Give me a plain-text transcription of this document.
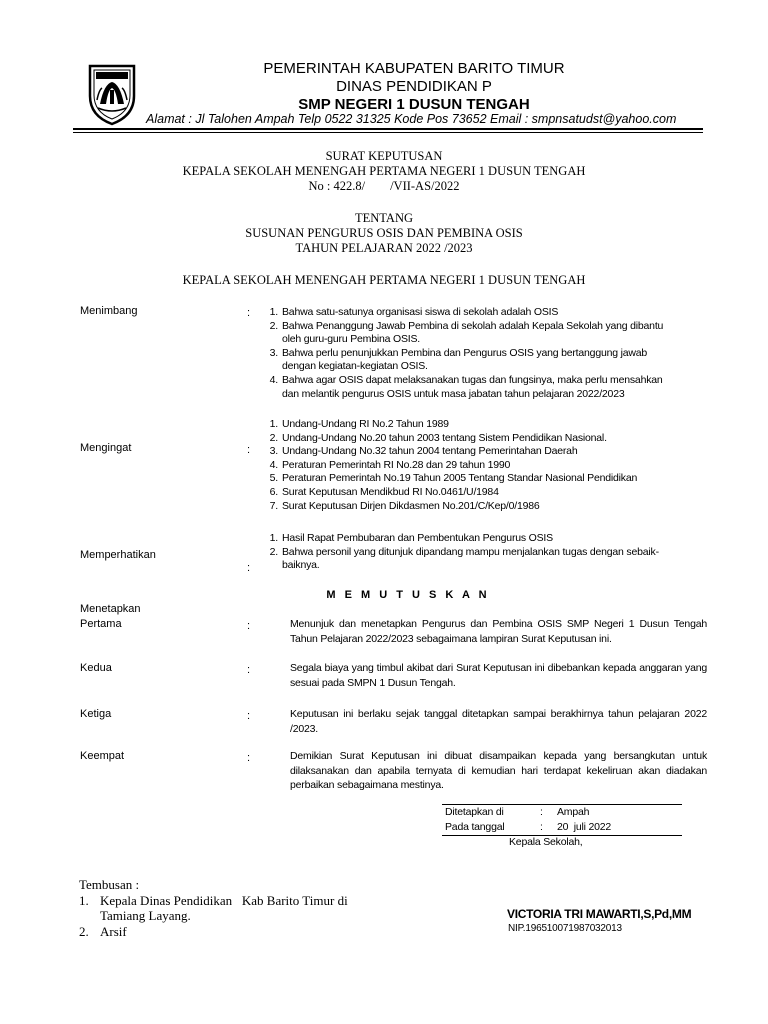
PEMERINTAH KABUPATEN BARITO TIMUR
DINAS PENDIDIKAN P
SMP NEGERI 1 DUSUN TENGAH
Alamat : Jl Talohen Ampah Telp 0522 31325 Kode Pos 73652 Email : smpnsatudst@yahoo.com
SURAT KEPUTUSAN
KEPALA SEKOLAH MENENGAH PERTAMA NEGERI 1 DUSUN TENGAH
No : 422.8/        /VII-AS/2022
TENTANG
SUSUNAN PENGURUS OSIS DAN PEMBINA OSIS
TAHUN PELAJARAN 2022 /2023
KEPALA SEKOLAH MENENGAH PERTAMA NEGERI 1 DUSUN TENGAH
Menimbang	:	1. Bahwa satu-satunya organisasi siswa di sekolah adalah OSIS
2. Bahwa Penanggung Jawab Pembina di sekolah adalah Kepala Sekolah yang dibantu
oleh guru-guru Pembina OSIS.
3. Bahwa perlu penunjukkan Pembina dan Pengurus OSIS yang bertanggung jawab
dengan kegiatan-kegiatan OSIS.
4. Bahwa agar OSIS dapat melaksanakan tugas dan fungsinya, maka perlu mensahkan
dan melantik pengurus OSIS untuk masa jabatan tahun pelajaran 2022/2023
Mengingat	:
1. Undang-Undang RI No.2 Tahun 1989
2. Undang-Undang No.20 tahun 2003 tentang Sistem Pendidikan Nasional.
3. Undang-Undang No.32 tahun 2004 tentang Pemerintahan Daerah
4. Peraturan Pemerintah RI No.28 dan 29 tahun 1990
5. Peraturan Pemerintah No.19 Tahun 2005 Tentang Standar Nasional Pendidikan
6. Surat Keputusan Mendikbud RI No.0461/U/1984
7. Surat Keputusan Dirjen Dikdasmen No.201/C/Kep/0/1986
Memperhatikan
:
1. Hasil Rapat Pembubaran dan Pembentukan Pengurus OSIS
2. Bahwa personil yang ditunjuk dipandang mampu menjalankan tugas dengan sebaik-
baiknya.
M E M U T U S K A N
Menetapkan
Pertama	:	Menunjuk dan menetapkan Pengurus dan Pembina OSIS SMP Negeri 1 Dusun Tengah Tahun Pelajaran 2022/2023 sebagaimana lampiran Surat Keputusan ini.
Kedua	:	Segala biaya yang timbul akibat dari Surat Keputusan ini dibebankan kepada anggaran yang sesuai pada SMPN 1 Dusun Tengah.
Ketiga	:	Keputusan ini berlaku sejak tanggal ditetapkan sampai berakhirnya tahun pelajaran 2022 /2023.
Keempat	:	Demikian Surat Keputusan ini dibuat disampaikan kepada yang bersangkutan untuk dilaksanakan dan apabila ternyata di kemudian hari terdapat kekeliruan akan diadakan perbaikan sebagaimana mestinya.
Ditetapkan di	: Ampah
Pada tanggal	: 20  juli 2022
Kepala Sekolah,
VICTORIA TRI MAWARTI,S,Pd,MM
NIP.196510071987032013
Tembusan :
1. Kepala Dinas Pendidikan   Kab Barito Timur di
Tamiang Layang.
2. Arsif
